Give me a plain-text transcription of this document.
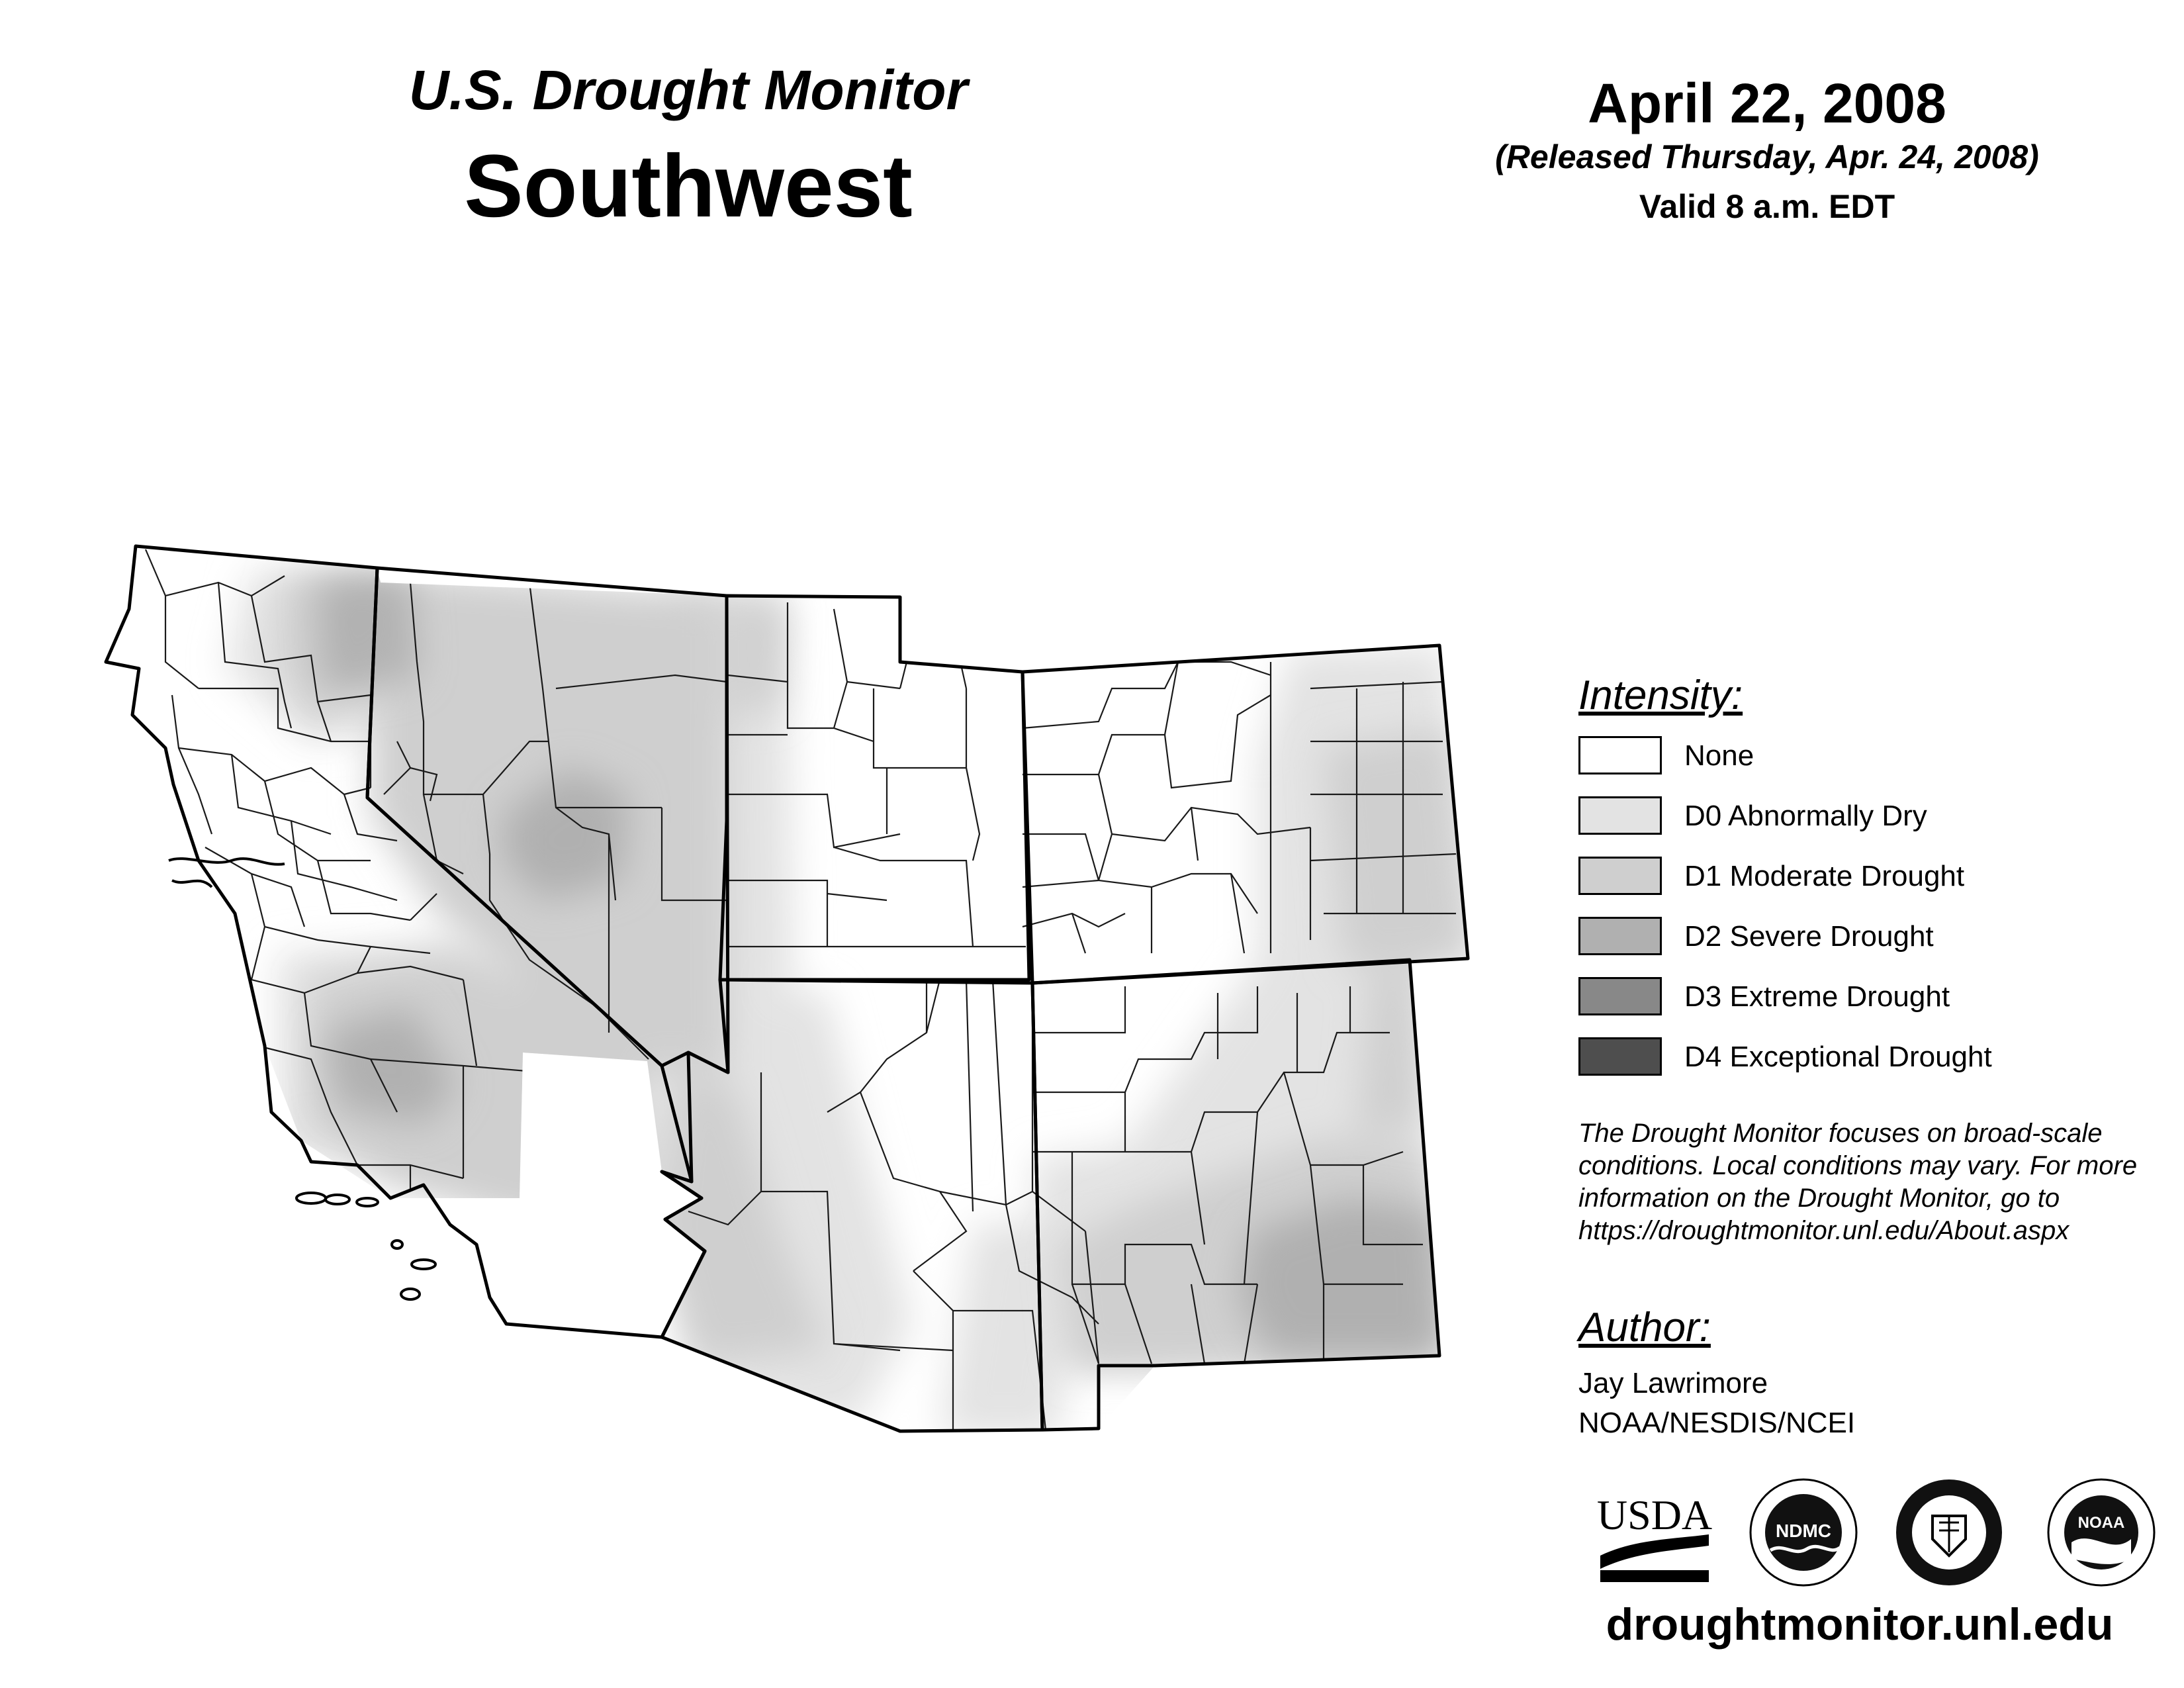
U.S. Drought Monitor
Southwest
April 22, 2008
(Released Thursday, Apr. 24, 2008)
Valid 8 a.m. EDT
Intensity:
None
D0 Abnormally Dry
D1 Moderate Drought
D2 Severe Drought
D3 Extreme Drought
D4 Exceptional Drought
The Drought Monitor focuses on broad-scale conditions. Local conditions may vary. For more information on the Drought Monitor, go to https://droughtmonitor.unl.edu/About.aspx
Author:
Jay Lawrimore
NOAA/NESDIS/NCEI
USDA	NDMC	NOAA
droughtmonitor.unl.edu
